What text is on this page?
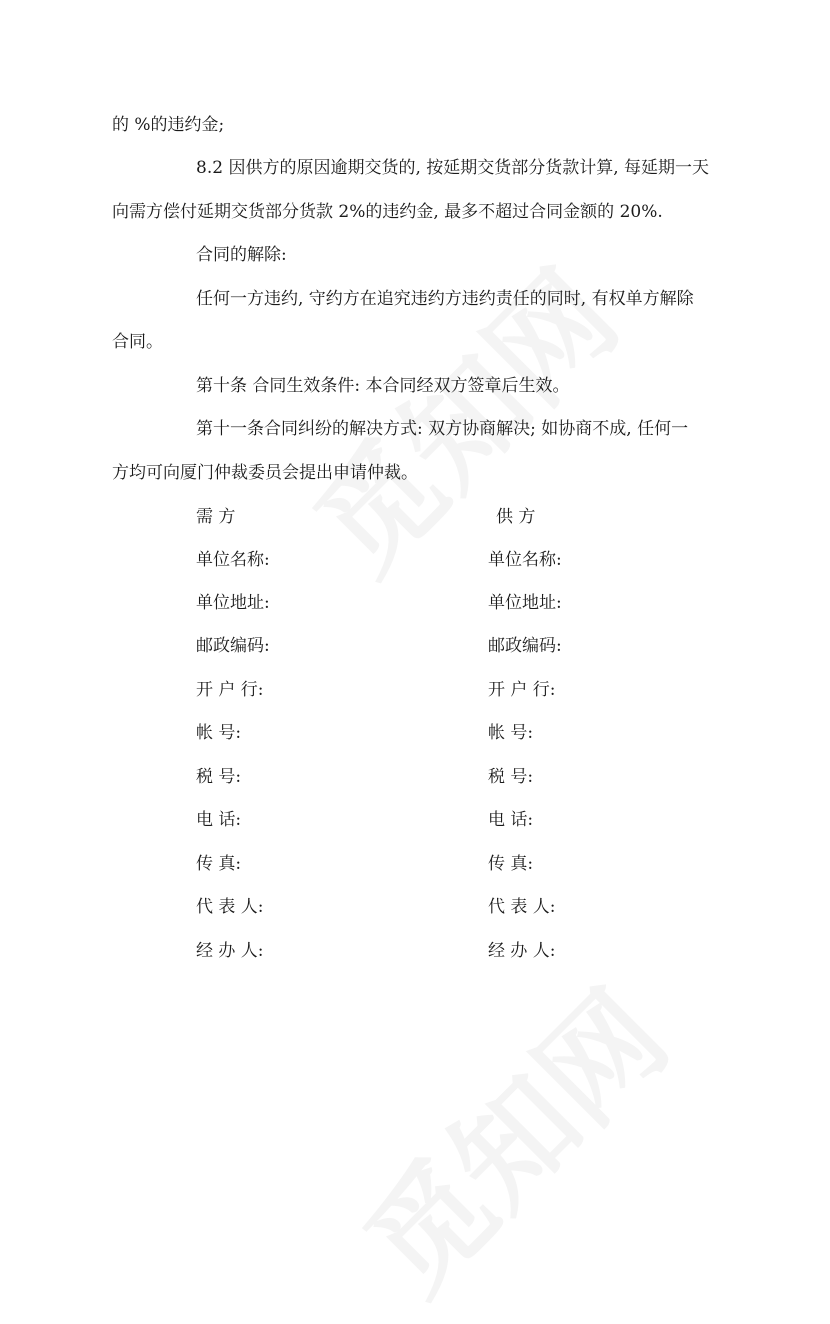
的 %的违约金;
8.2 因供方的原因逾期交货的, 按延期交货部分货款计算, 每延期一天
向需方偿付延期交货部分货款 2%的违约金, 最多不超过合同金额的 20%.
合同的解除:
任何一方违约, 守约方在追究违约方违约责任的同时, 有权单方解除
合同。
第十条 合同生效条件: 本合同经双方签章后生效。
第十一条合同纠纷的解决方式: 双方协商解决; 如协商不成, 任何一
方均可向厦门仲裁委员会提出申请仲裁。
需 方
单位名称:
单位地址:
邮政编码:
开 户 行:
帐 号:
税 号:
电 话:
传 真:
代 表 人:
经 办 人:
供 方
单位名称:
单位地址:
邮政编码:
开 户 行:
帐 号:
税 号:
电 话:
传 真:
代 表 人:
经 办 人:
